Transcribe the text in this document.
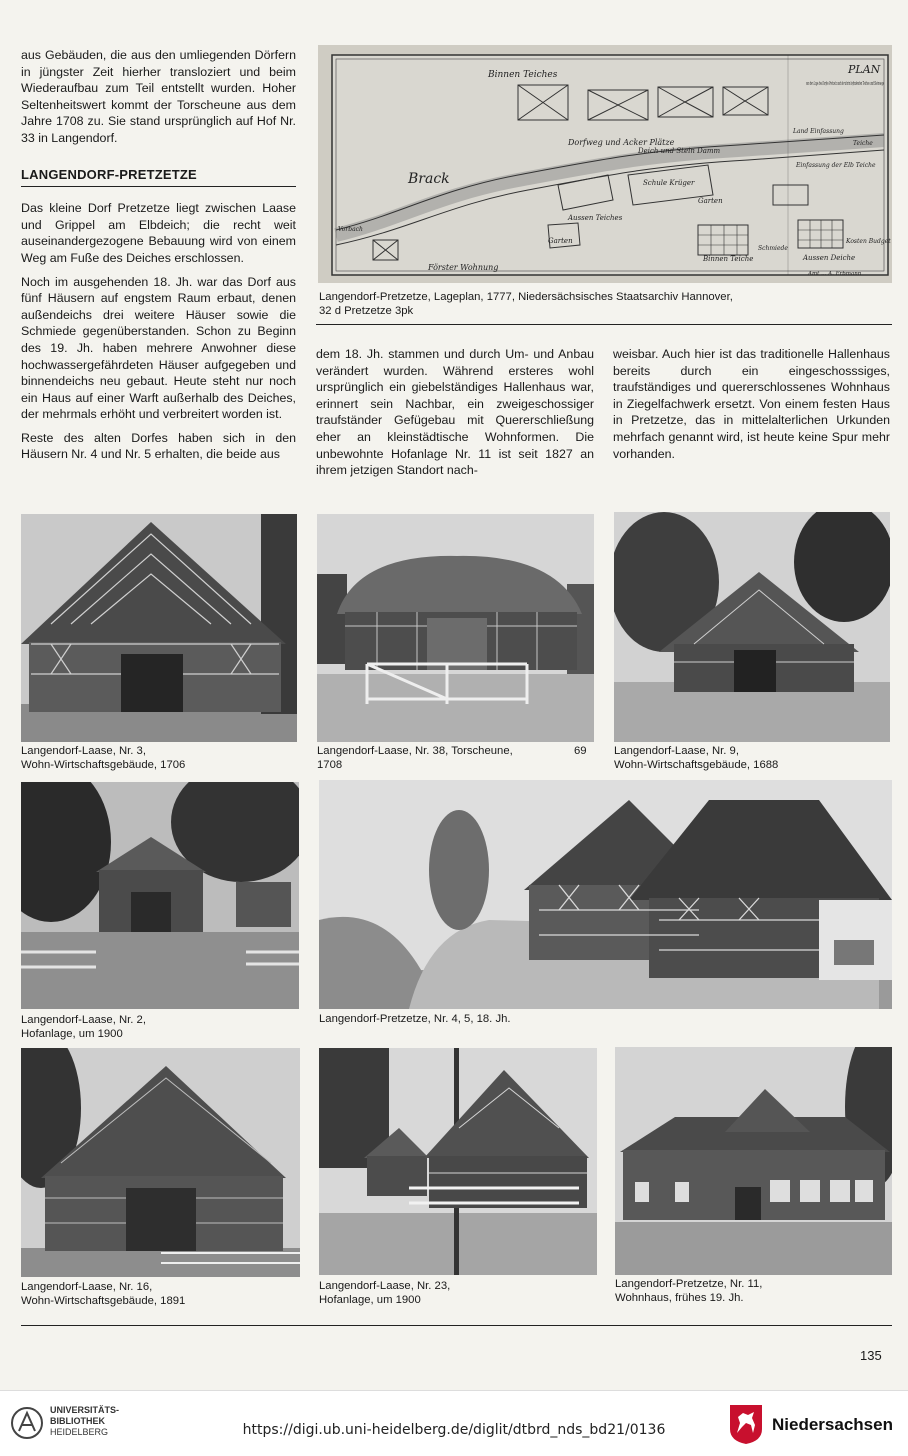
aus Gebäuden, die aus den umliegenden Dörfern in jüngster Zeit hierher transloziert und beim Wiederaufbau zum Teil entstellt wurden. Hoher Seltenheitswert kommt der Torscheune aus dem Jahre 1708 zu. Sie stand ursprünglich auf Hof Nr. 33 in Langendorf.

LANGENDORF-PRETZETZE

Das kleine Dorf Pretzetze liegt zwischen Laase und Grippel am Elbdeich; die recht weit auseinandergezogene Bebauung wird von einem Weg am Fuße des Deiches erschlossen.

Noch im ausgehenden 18. Jh. war das Dorf aus fünf Häusern auf engstem Raum erbaut, denen außendeichs drei weitere Häuser sowie die Schmiede gegenüberstanden. Schon zu Beginn des 19. Jh. haben mehrere Anwohner diese hochwassergefährdeten Häuser aufgegeben und binnendeichs neu gebaut. Heute steht nur noch ein Haus auf einer Warft außerhalb des Deiches, der mehrmals erhöht und verbreitert worden ist.

Reste des alten Dorfes haben sich in den Häusern Nr. 4 und Nr. 5 erhalten, die beide aus

Binnen Teiches	PLAN
von der Lage des Dorfes Pretzetz und der darin befindenden Teiches und Steinwege
Brack
Dorfweg und Acker Plätze
Deich und Stein Damm
Schule Krüger
Aussen Teiches
Garten
Garten
Binnen Teiche
Förster Wohnung
Vorbach
Land Einfassung
Teiche
Einfassung der Elb Teiche
Schmiede
Aussen Deiche
Amt ... A. Erbmann
Kosten Budget
Langendorf-Pretzetze, Lageplan, 1777, Niedersächsisches Staatsarchiv Hannover,
32 d Pretzetze 3pk
dem 18. Jh. stammen und durch Um- und Anbau verändert wurden. Während ersteres wohl ursprünglich ein giebelständiges Hallenhaus war, erinnert sein Nachbar, ein zweigeschossiger traufständer Gefügebau mit Quererschließung eher an kleinstädtische Wohnformen. Die unbewohnte Hofanlage Nr. 11 ist seit 1827 an ihrem jetzigen Standort nach-
weisbar. Auch hier ist das traditionelle Hallenhaus bereits durch ein eingeschosssiges, traufständiges und quererschlossenes Wohnhaus in Ziegelfachwerk ersetzt. Von einem festen Haus in Pretzetze, das in mittelalterlichen Urkunden mehrfach genannt wird, ist heute keine Spur mehr vorhanden.
Langendorf-Laase, Nr. 3,
Wohn-Wirtschaftsgebäude, 1706
Langendorf-Laase, Nr. 38, Torscheune,
1708
69 Langendorf-Laase, Nr. 9,
Wohn-Wirtschaftsgebäude, 1688
Langendorf-Laase, Nr. 2,
Hofanlage, um 1900
Langendorf-Pretzetze, Nr. 4, 5, 18. Jh.
Langendorf-Laase, Nr. 16,
Wohn-Wirtschaftsgebäude, 1891
Langendorf-Laase, Nr. 23,
Hofanlage, um 1900
Langendorf-Pretzetze, Nr. 11,
Wohnhaus, frühes 19. Jh.
135
UNIVERSITÄTS-
BIBLIOTHEK
HEIDELBERG	https://digi.ub.uni-heidelberg.de/diglit/dtbrd_nds_bd21/0136	Niedersachsen
